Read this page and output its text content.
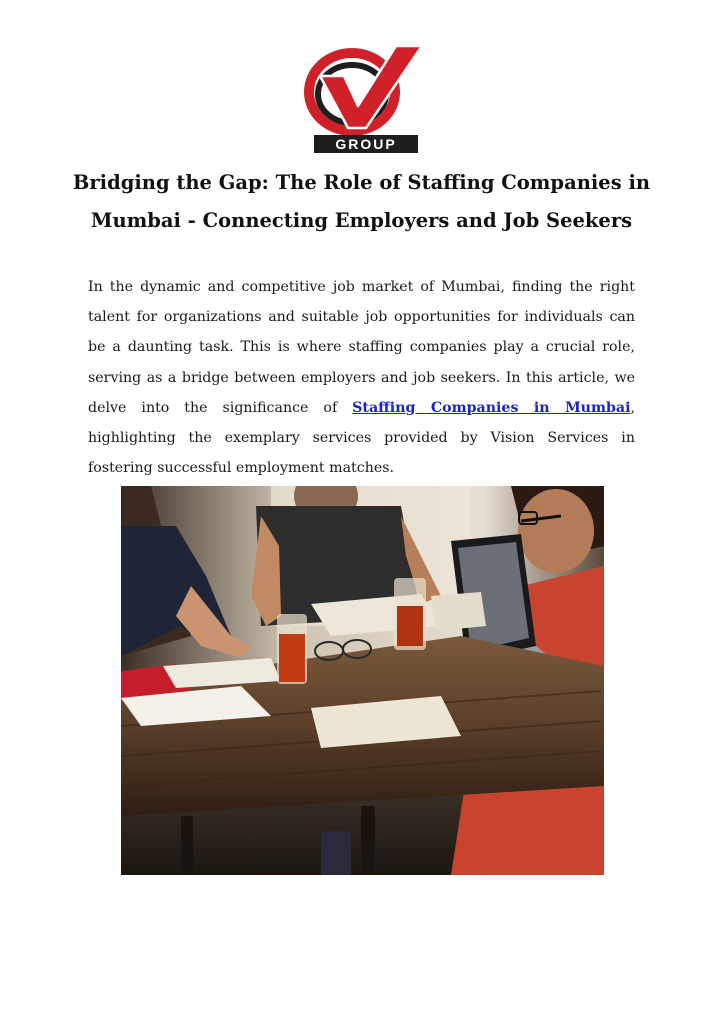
GROUP
Bridging the Gap: The Role of Staffing Companies in
Mumbai - Connecting Employers and Job Seekers

In the dynamic and competitive job market of Mumbai, finding the right talent for organizations and suitable job opportunities for individuals can be a daunting task. This is where staffing companies play a crucial role, serving as a bridge between employers and job seekers. In this article, we delve into the significance of Staffing Companies in Mumbai, highlighting the exemplary services provided by Vision Services in fostering successful employment matches.
